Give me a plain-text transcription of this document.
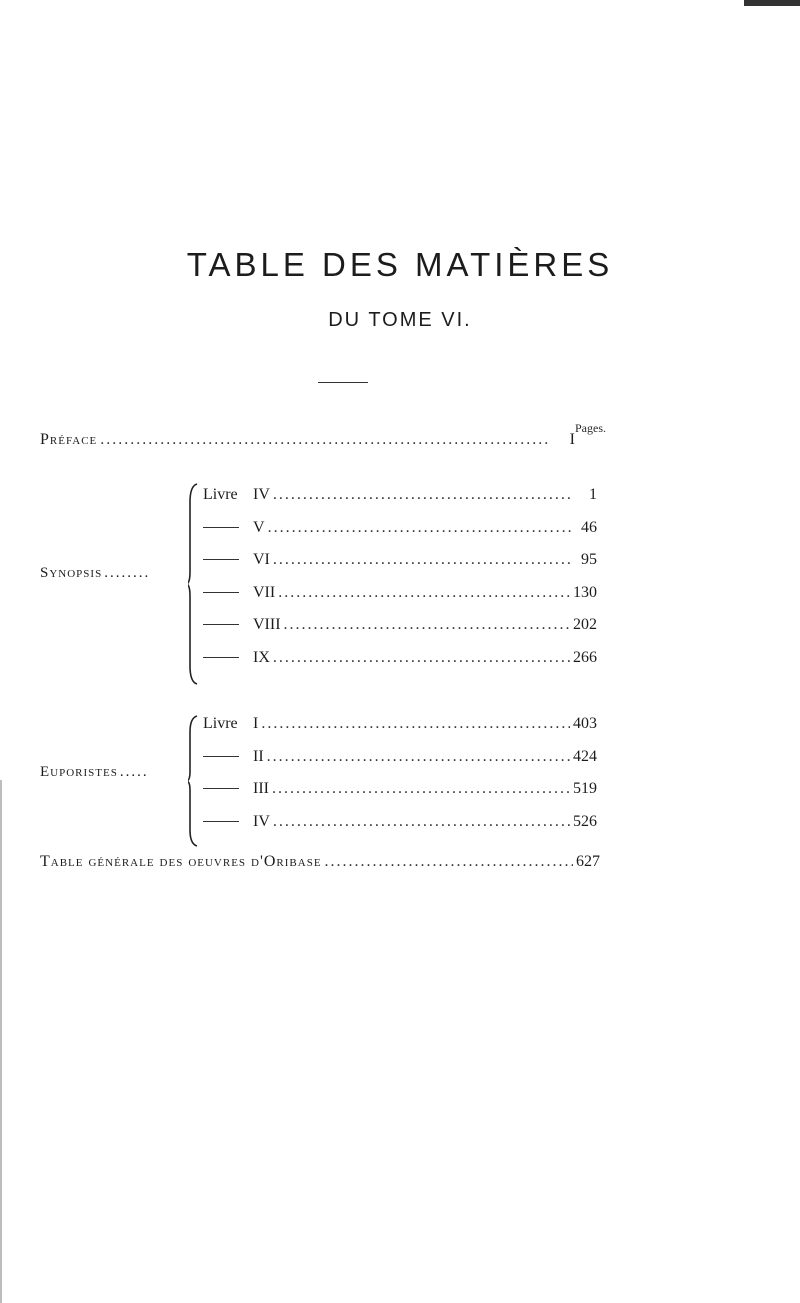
TABLE DES MATIÈRES
DU TOME VI.
Pages.
Préface .....	I
Synopsis ........
Livre IV .....	1
V .....	46
VI .....	95
VII .....	130
VIII .....	202
IX .....	266
Euporistes .....
Livre I .....	403
II .....	424
III .....	519
IV .....	526
Table générale des oeuvres d'Oribase .....	627
